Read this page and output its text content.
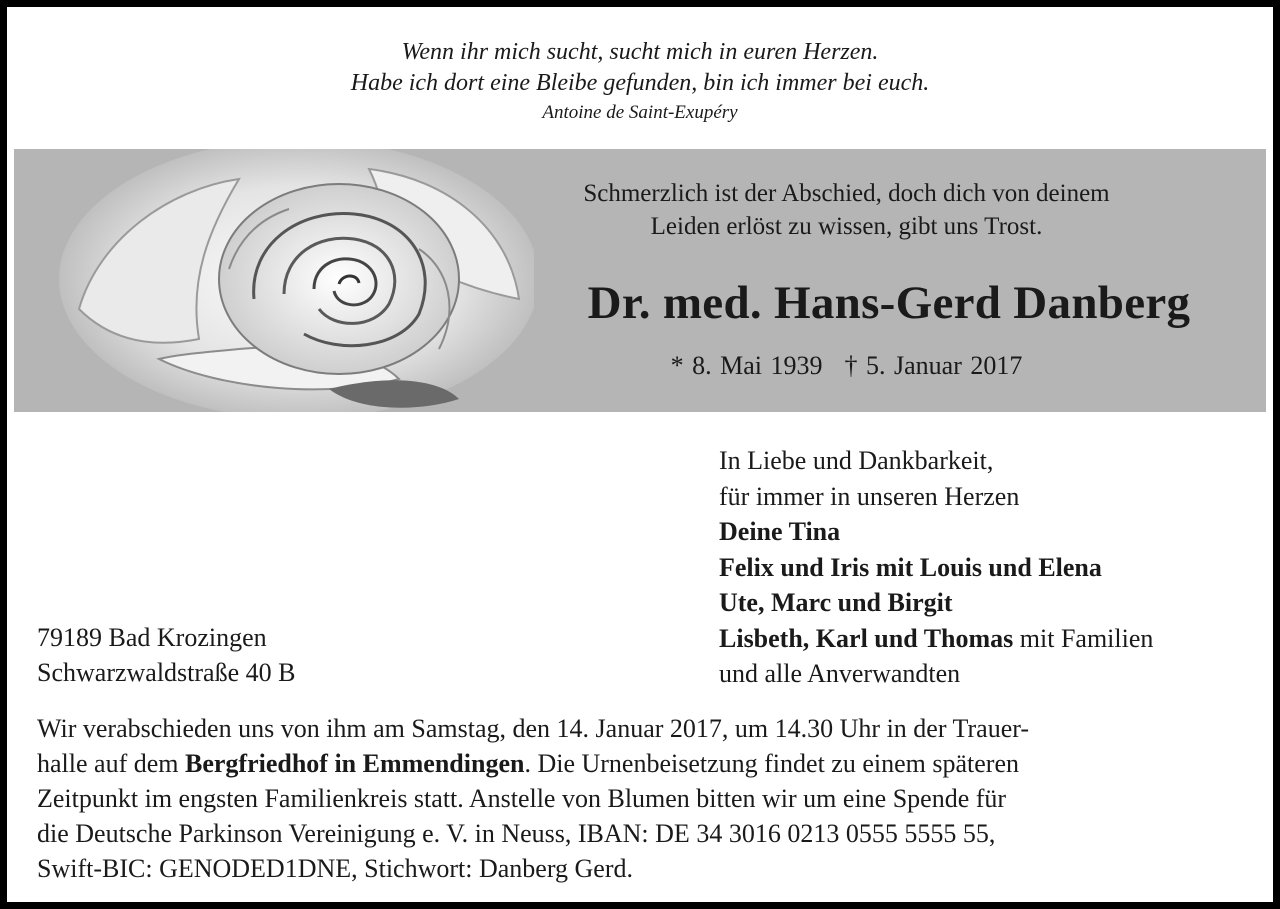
Wenn ihr mich sucht, sucht mich in euren Herzen.
Habe ich dort eine Bleibe gefunden, bin ich immer bei euch.
Antoine de Saint-Exupéry
Schmerzlich ist der Abschied, doch dich von deinem
Leiden erlöst zu wissen, gibt uns Trost.
Dr. med. Hans-Gerd Danberg
* 8. Mai 1939 † 5. Januar 2017
79189 Bad Krozingen
Schwarzwaldstraße 40 B
In Liebe und Dankbarkeit,
für immer in unseren Herzen
Deine Tina
Felix und Iris mit Louis und Elena
Ute, Marc und Birgit
Lisbeth, Karl und Thomas mit Familien
und alle Anverwandten
Wir verabschieden uns von ihm am Samstag, den 14. Januar 2017, um 14.30 Uhr in der Trauer-
halle auf dem Bergfriedhof in Emmendingen. Die Urnenbeisetzung findet zu einem späteren
Zeitpunkt im engsten Familienkreis statt. Anstelle von Blumen bitten wir um eine Spende für
die Deutsche Parkinson Vereinigung e. V. in Neuss, IBAN: DE 34 3016 0213 0555 5555 55,
Swift-BIC: GENODED1DNE, Stichwort: Danberg Gerd.
